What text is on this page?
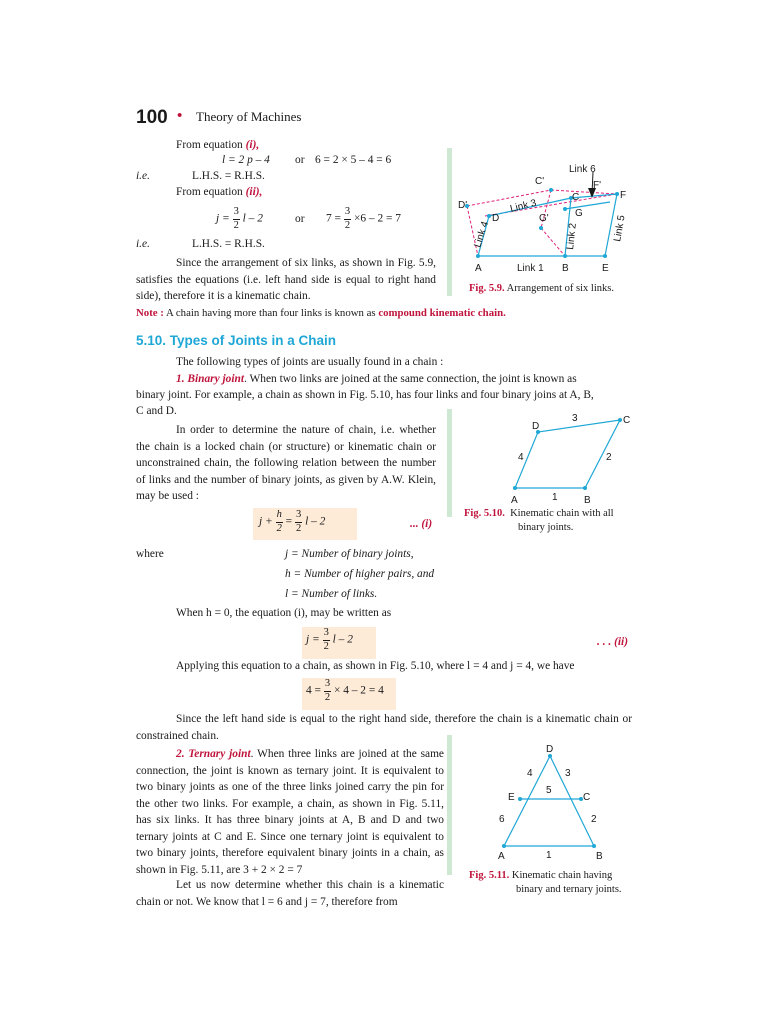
100 • Theory of Machines
From equation (i),
l = 2 p – 4 or 6 = 2 × 5 – 4 = 6
i.e.	L.H.S. = R.H.S.
From equation (ii),
$j = \frac{3}{2}$ l – 2	or $7 = \frac{3}{2} \times 6 - 2 = 7$
i.e.	L.H.S. = R.H.S.
Since the arrangement of six links, as shown in Fig. 5.9, satisfies the equations (i.e. left hand side is equal to right hand side), therefore it is a kinematic chain.
A	B	E
Link 1
D	G
C	F
D'
C'
G'
F'
Link 6
Link 3
Link 4	Link 2	Link 5
Fig. 5.9. Arrangement of six links.
Note : A chain having more than four links is known as compound kinematic chain.
5.10. Types of Joints in a Chain
The following types of joints are usually found in a chain :
1. Binary joint. When two links are joined at the same connection, the joint is known as
binary joint. For example, a chain as shown in Fig. 5.10, has four links and four binary joins at A, B,
C and D.
In order to determine the nature of chain, i.e. whether the chain is a locked chain (or structure) or kinematic chain or unconstrained chain, the following relation between the number of links and the number of binary joints, as given by A.W. Klein, may be used :	A	B
C
D
1
2
3
4
Fig. 5.10. Kinematic chain with all
binary joints.
$j + \frac{h}{2} = \frac{3}{2}$ l – 2	... (i)
where	j = Number of binary joints,
h = Number of higher pairs, and
l = Number of links.
When h = 0, the equation (i), may be written as
$j = \frac{3}{2}$ l – 2	. . . (ii)
Applying this equation to a chain, as shown in Fig. 5.10, where l = 4 and j = 4, we have
$4 = \frac{3}{2} \times 4 - 2 = 4$
Since the left hand side is equal to the right hand side, therefore the chain is a kinematic chain or constrained chain.
2. Ternary joint. When three links are joined at the same connection, the joint is known as ternary joint. It is equivalent to two binary joints as one of the three links joined carry the pin for the other two links. For example, a chain, as shown in Fig. 5.11, has six links. It has three binary joints at A, B and D and two ternary joints at C and E. Since one ternary joint is equivalent to two binary joints, therefore equivalent binary joints in a chain, as shown in Fig. 5.11, are 3 + 2 × 2 = 7
Let us now determine whether this chain is a kinematic chain or not. We know that l = 6 and j = 7, therefore from
A	B
C
D
E
1
2
3
4
5
6
Fig. 5.11. Kinematic chain having
binary and ternary joints.
